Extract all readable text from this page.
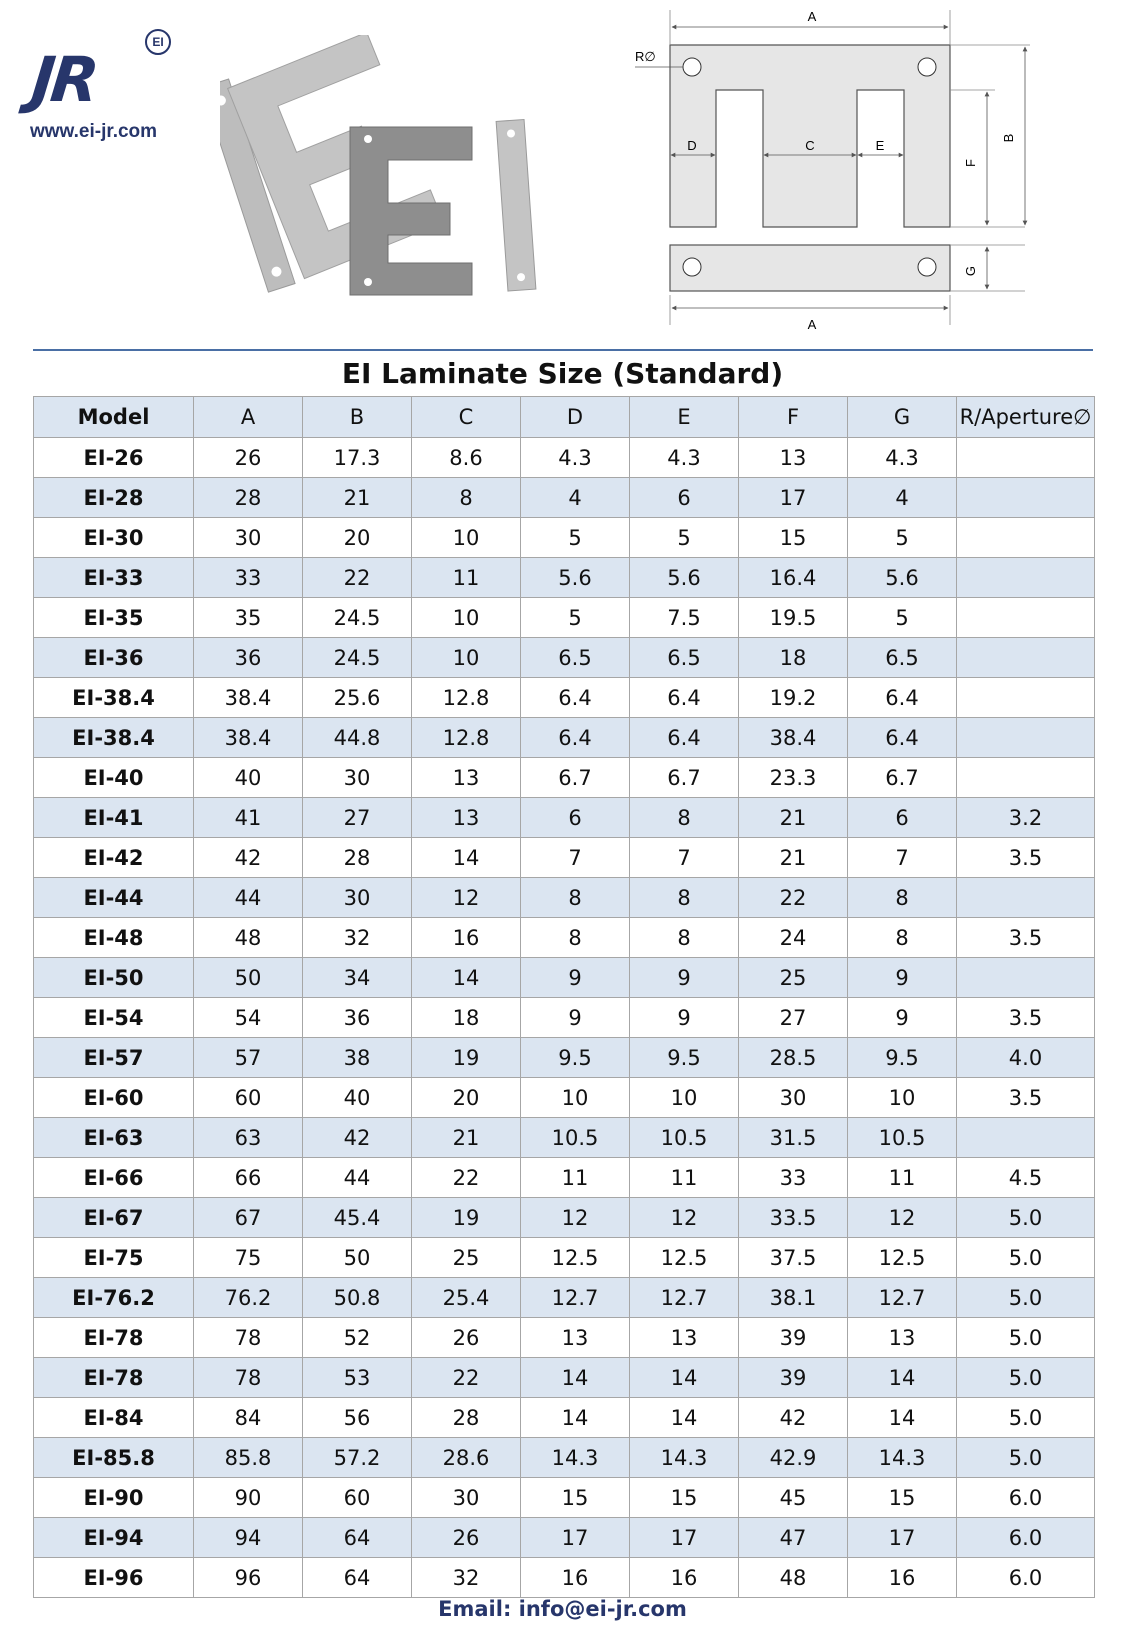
JR
EI
www.ei-jr.com
A
A
R∅
D	C	E
F
B
G
EI Laminate Size (Standard)
Model	A	B	C	D	E	F	G	R/Aperture∅
EI-26	26	17.3	8.6	4.3	4.3	13	4.3	
EI-28	28	21	8	4	6	17	4	
EI-30	30	20	10	5	5	15	5	
EI-33	33	22	11	5.6	5.6	16.4	5.6	
EI-35	35	24.5	10	5	7.5	19.5	5	
EI-36	36	24.5	10	6.5	6.5	18	6.5	
EI-38.4	38.4	25.6	12.8	6.4	6.4	19.2	6.4	
EI-38.4	38.4	44.8	12.8	6.4	6.4	38.4	6.4	
EI-40	40	30	13	6.7	6.7	23.3	6.7	
EI-41	41	27	13	6	8	21	6	3.2
EI-42	42	28	14	7	7	21	7	3.5
EI-44	44	30	12	8	8	22	8	
EI-48	48	32	16	8	8	24	8	3.5
EI-50	50	34	14	9	9	25	9	
EI-54	54	36	18	9	9	27	9	3.5
EI-57	57	38	19	9.5	9.5	28.5	9.5	4.0
EI-60	60	40	20	10	10	30	10	3.5
EI-63	63	42	21	10.5	10.5	31.5	10.5	
EI-66	66	44	22	11	11	33	11	4.5
EI-67	67	45.4	19	12	12	33.5	12	5.0
EI-75	75	50	25	12.5	12.5	37.5	12.5	5.0
EI-76.2	76.2	50.8	25.4	12.7	12.7	38.1	12.7	5.0
EI-78	78	52	26	13	13	39	13	5.0
EI-78	78	53	22	14	14	39	14	5.0
EI-84	84	56	28	14	14	42	14	5.0
EI-85.8	85.8	57.2	28.6	14.3	14.3	42.9	14.3	5.0
EI-90	90	60	30	15	15	45	15	6.0
EI-94	94	64	26	17	17	47	17	6.0
EI-96	96	64	32	16	16	48	16	6.0
Email: info@ei-jr.com
